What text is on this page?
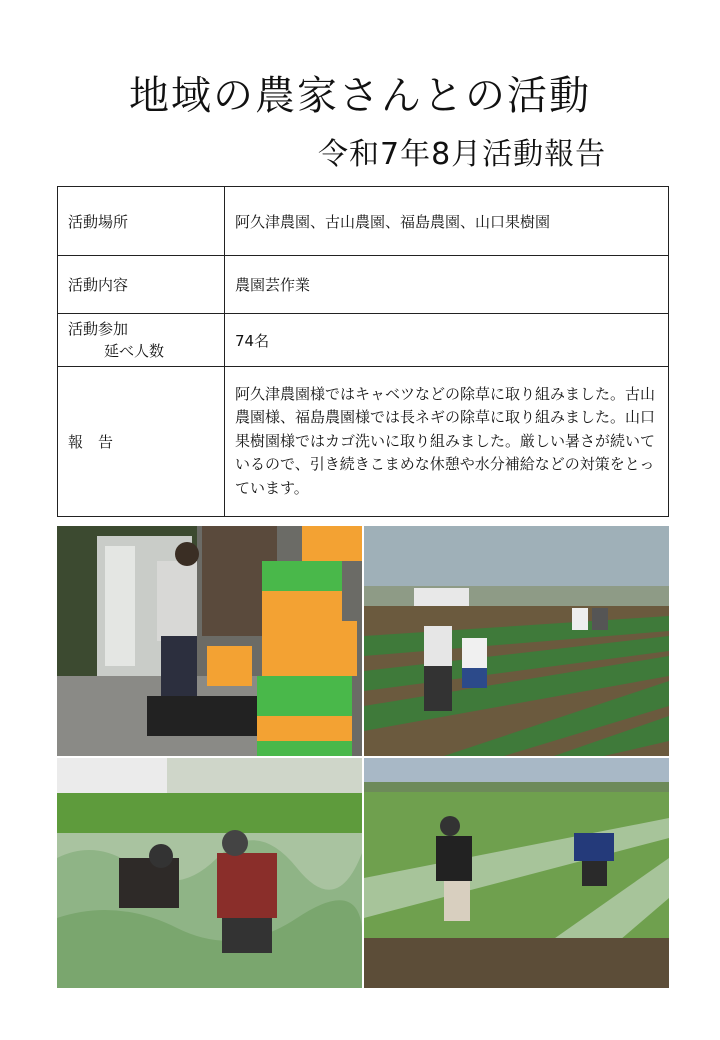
地域の農家さんとの活動
令和7年8月活動報告
活動場所	阿久津農園、古山農園、福島農園、山口果樹園
活動内容	農園芸作業
活動参加
延べ人数	74名
報　告	阿久津農園様ではキャベツなどの除草に取り組みました。古山農園様、福島農園様では長ネギの除草に取り組みました。山口果樹園様ではカゴ洗いに取り組みました。厳しい暑さが続いているので、引き続きこまめな休憩や水分補給などの対策をとっています。
